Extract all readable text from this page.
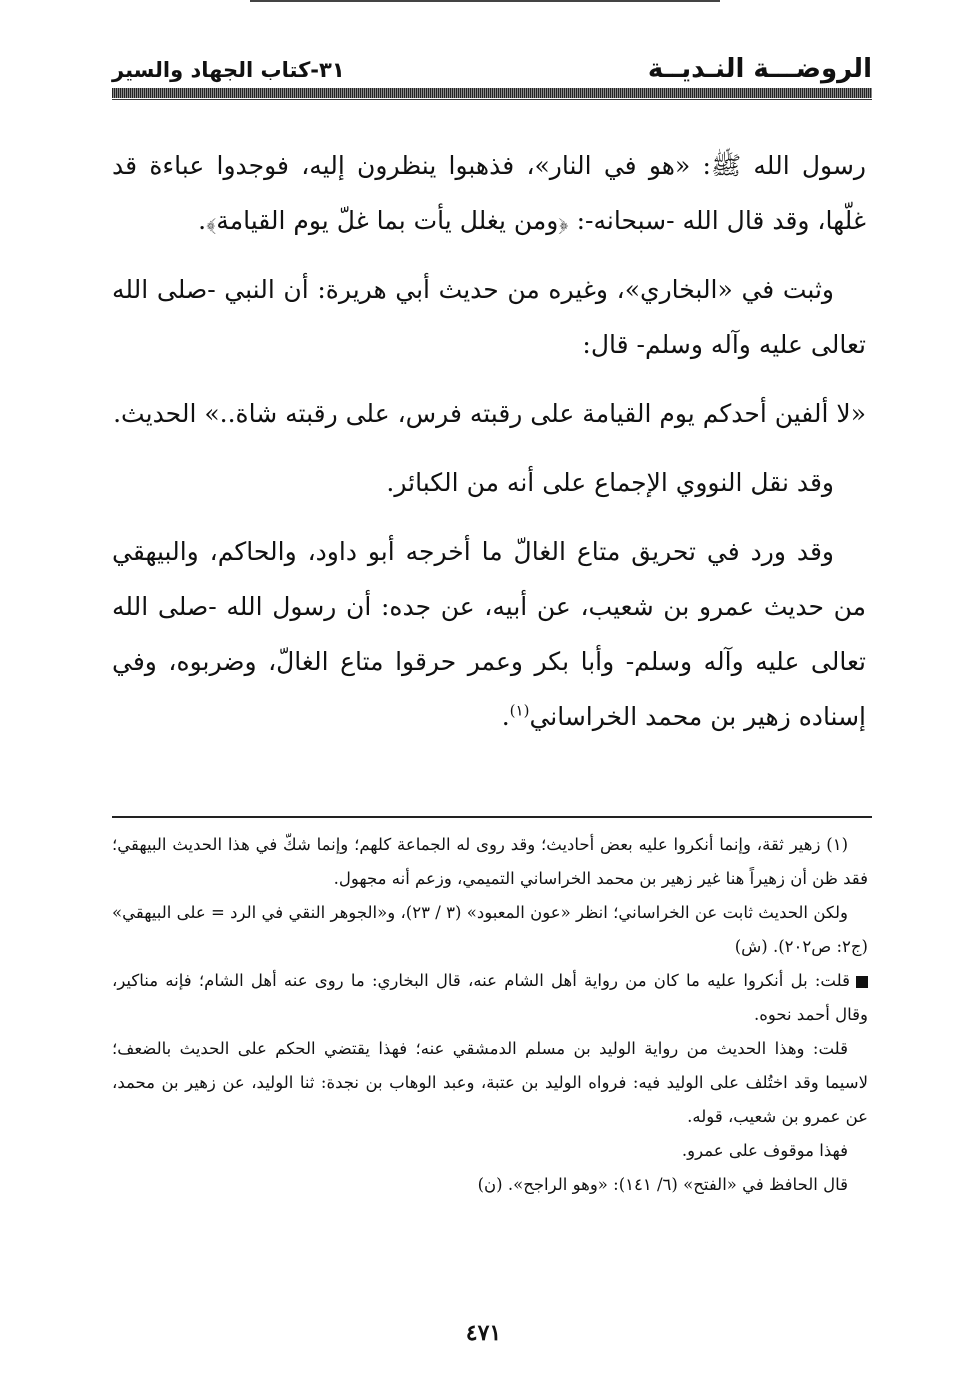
الروضـــة النـديــة
٣١-كتاب الجهاد والسير

رسول الله ﷺ: «هو في النار»، فذهبوا ينظرون إليه، فوجدوا عباءة قد غلّها، وقد قال الله -سبحانه-: ﴿ومن يغلل يأت بما غلّ يوم القيامة﴾.

وثبت في «البخاري»، وغيره من حديث أبي هريرة: أن النبي -صلى الله تعالى عليه وآله وسلم- قال:

«لا ألفين أحدكم يوم القيامة على رقبته فرس، على رقبته شاة..» الحديث.

وقد نقل النووي الإجماع على أنه من الكبائر.

وقد ورد في تحريق متاع الغالّ ما أخرجه أبو داود، والحاكم، والبيهقي من حديث عمرو بن شعيب، عن أبيه، عن جده: أن رسول الله -صلى الله تعالى عليه وآله وسلم- وأبا بكر وعمر حرقوا متاع الغالّ، وضربوه، وفي إسناده زهير بن محمد الخراساني$^{(١)}$.

(١) زهير ثقة، وإنما أنكروا عليه بعض أحاديث؛ وقد روى له الجماعة كلهم؛ وإنما شكّ في هذا الحديث البيهقي؛ فقد ظن أن زهيراً هنا غير زهير بن محمد الخراساني التميمي، وزعم أنه مجهول.

ولكن الحديث ثابت عن الخراساني؛ انظر «عون المعبود» (٣ / ٢٣)، و«الجوهر النقي في الرد = على البيهقي» (ج٢: ص٢٠٢). (ش)

قلت: بل أنكروا عليه ما كان من رواية أهل الشام عنه، قال البخاري: ما روى عنه أهل الشام؛ فإنه مناكير، وقال أحمد نحوه.

قلت: وهذا الحديث من رواية الوليد بن مسلم الدمشقي عنه؛ فهذا يقتضي الحكم على الحديث بالضعف؛ لاسيما وقد اختُلف على الوليد فيه: فرواه الوليد بن عتبة، وعبد الوهاب بن نجدة: ثنا الوليد، عن زهير بن محمد، عن عمرو بن شعيب، قوله.

فهذا موقوف على عمرو.

قال الحافظ في «الفتح» (٦/ ١٤١): «وهو الراجح». (ن)

٤٧١
